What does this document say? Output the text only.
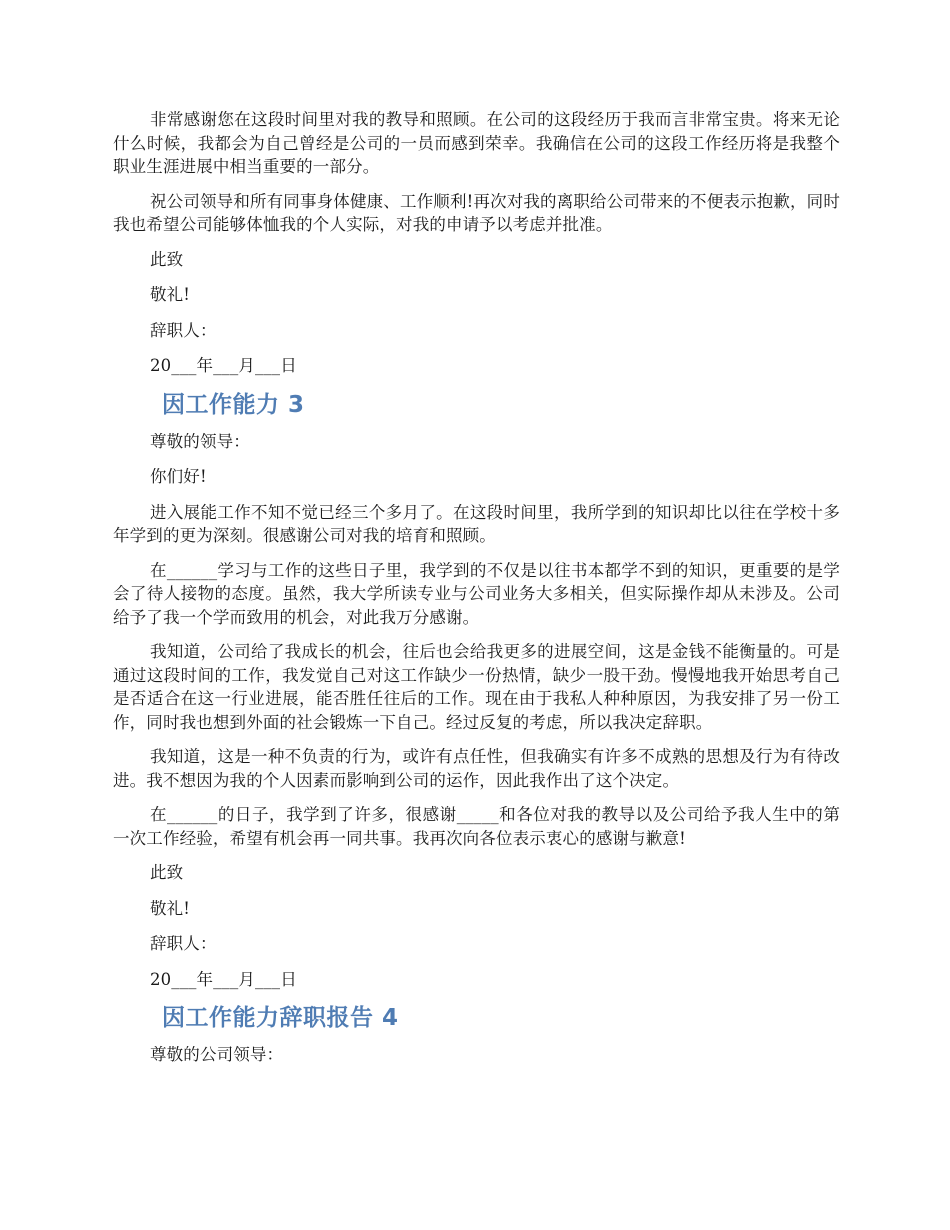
非常感谢您在这段时间里对我的教导和照顾。在公司的这段经历于我而言非常宝贵。将来无论什么时候，我都会为自己曾经是公司的一员而感到荣幸。我确信在公司的这段工作经历将是我整个职业生涯进展中相当重要的一部分。

祝公司领导和所有同事身体健康、工作顺利!再次对我的离职给公司带来的不便表示抱歉，同时我也希望公司能够体恤我的个人实际，对我的申请予以考虑并批准。

此致
敬礼!
辞职人：
20___年___月___日
因工作能力 3
尊敬的领导：
你们好!

进入展能工作不知不觉已经三个多月了。在这段时间里，我所学到的知识却比以往在学校十多年学到的更为深刻。很感谢公司对我的培育和照顾。

在______学习与工作的这些日子里，我学到的不仅是以往书本都学不到的知识，更重要的是学会了待人接物的态度。虽然，我大学所读专业与公司业务大多相关，但实际操作却从未涉及。公司给予了我一个学而致用的机会，对此我万分感谢。

我知道，公司给了我成长的机会，往后也会给我更多的进展空间，这是金钱不能衡量的。可是通过这段时间的工作，我发觉自己对这工作缺少一份热情，缺少一股干劲。慢慢地我开始思考自己是否适合在这一行业进展，能否胜任往后的工作。现在由于我私人种种原因，为我安排了另一份工作，同时我也想到外面的社会锻炼一下自己。经过反复的考虑，所以我决定辞职。

我知道，这是一种不负责的行为，或许有点任性，但我确实有许多不成熟的思想及行为有待改进。我不想因为我的个人因素而影响到公司的运作，因此我作出了这个决定。

在______的日子，我学到了许多，很感谢_____和各位对我的教导以及公司给予我人生中的第一次工作经验，希望有机会再一同共事。我再次向各位表示衷心的感谢与歉意!

此致
敬礼!
辞职人：
20___年___月___日
因工作能力辞职报告 4
尊敬的公司领导：
